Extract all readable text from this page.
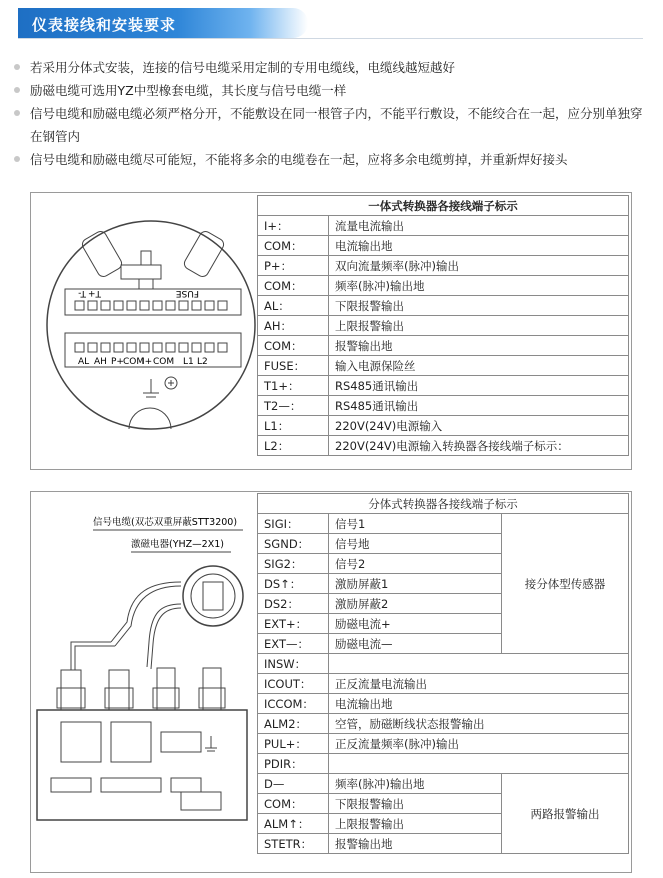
仪表接线和安装要求
若采用分体式安装，连接的信号电缆采用定制的专用电缆线，电缆线越短越好
励磁电缆可选用YZ中型橡套电缆，其长度与信号电缆一样
信号电缆和励磁电缆必须严格分开，不能敷设在同一根管子内，不能平行敷设，不能绞合在一起，应分别单独穿在钢管内
信号电缆和励磁电缆尽可能短，不能将多余的电缆卷在一起，应将多余电缆剪掉，并重新焊好接头
T+
T-	FUSE
AL AH P+ COM
I+ COM L1 L2
一体式转换器各接线端子标示	
I+：	流量电流输出
COM：	电流输出地
P+：	双向流量频率(脉冲)输出
COM：	频率(脉冲)输出地
AL：	下限报警输出
AH：	上限报警输出
COM：	报警输出地
FUSE：	输入电源保险丝
T1+：	RS485通讯输出
T2—：	RS485通讯输出
L1：	220V(24V)电源输入
L2：	220V(24V)电源输入转换器各接线端子标示：
信号电缆(双芯双重屏蔽STT3200)
激磁电器(YHZ—2X1)
分体式转换器各接线端子标示		
SIGI：	信号1	接分体型传感器
SGND：	信号地	
SIG2：	信号2	
DS↑：	激励屏蔽1	
DS2：	激励屏蔽2	
EXT+：	励磁电流+	
EXT—：	励磁电流—	
INSW：		
ICOUT：	正反流量电流输出	
ICCOM：	电流输出地	
ALM2：	空管，励磁断线状态报警输出	
PUL+：	正反流量频率(脉冲)输出	
PDIR：		
D—	频率(脉冲)输出地	两路报警输出
COM：	下限报警输出	
ALM↑：	上限报警输出	
STETR：	报警输出地	
